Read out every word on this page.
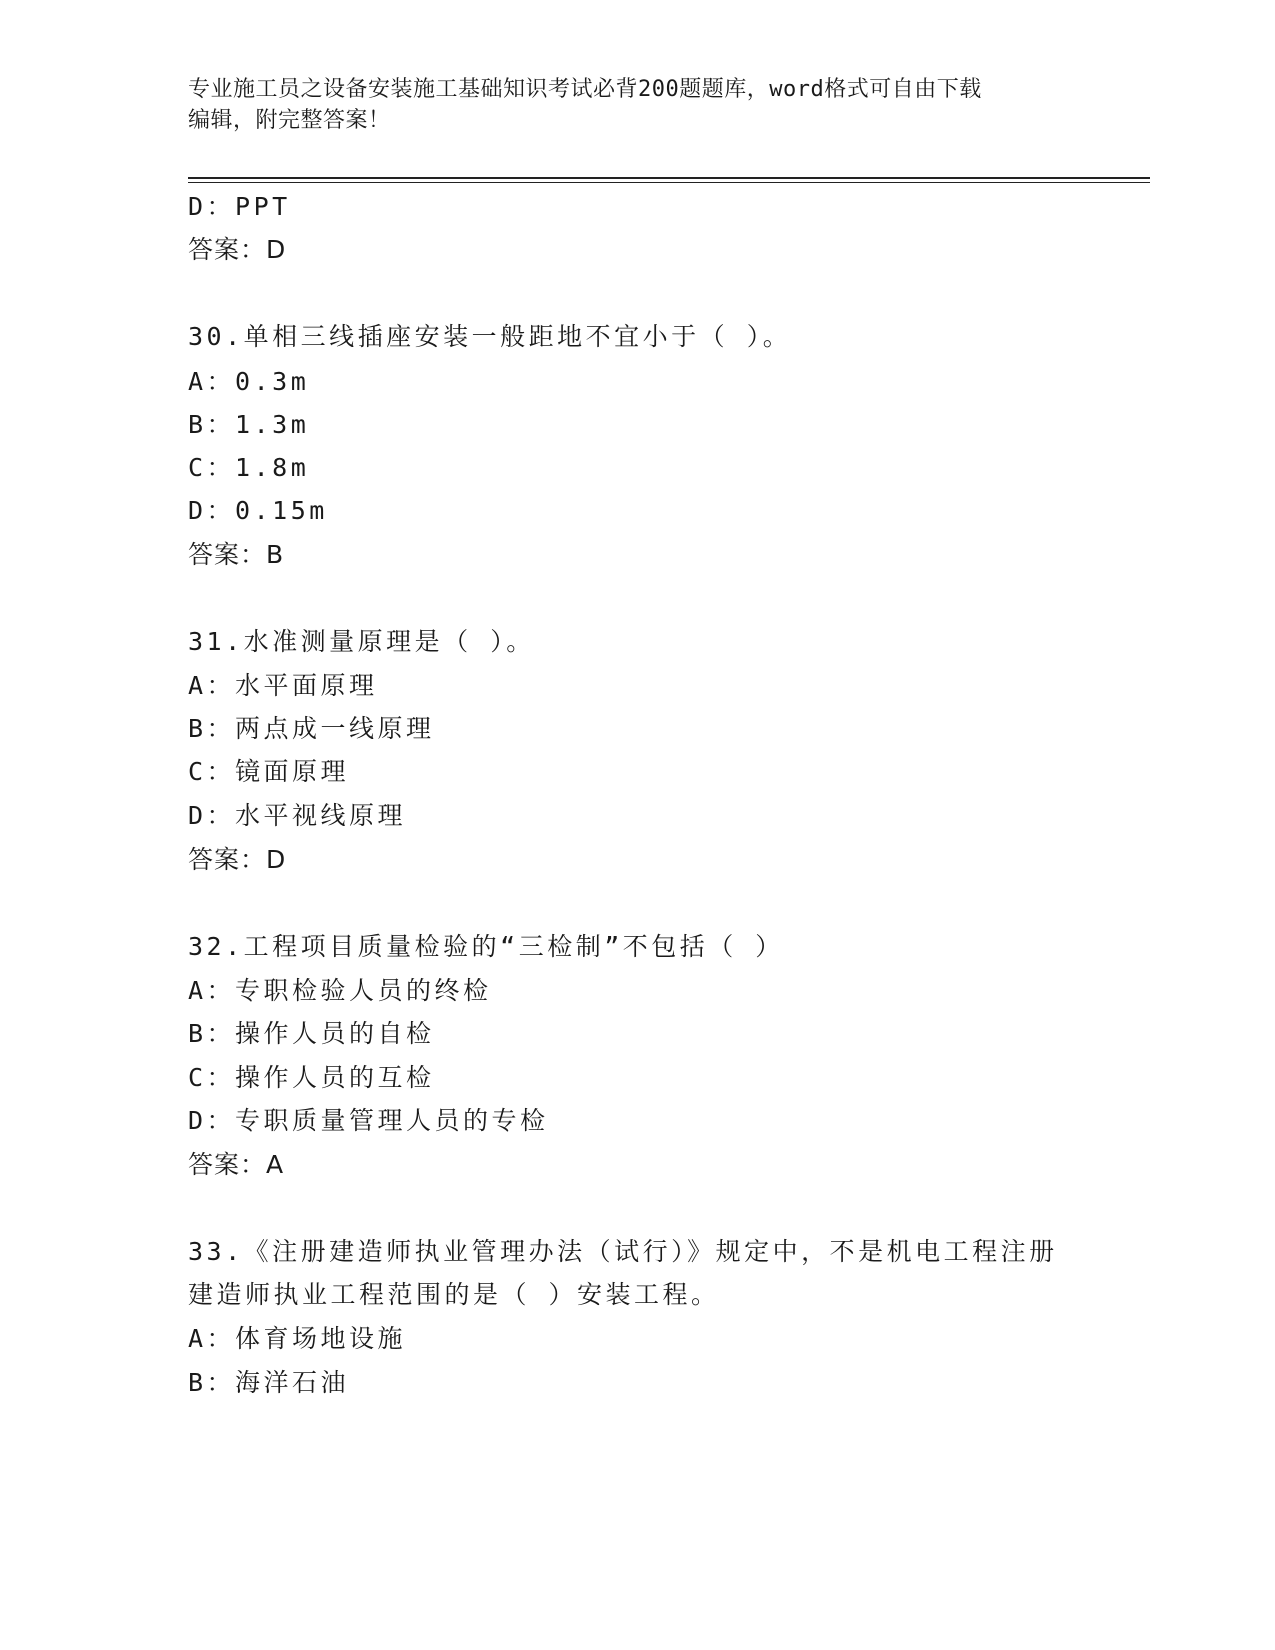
专业施工员之设备安装施工基础知识考试必背200题题库，word格式可自由下载
编辑，附完整答案！
D：PPT
答案：D
30.单相三线插座安装一般距地不宜小于（ ）。
A：0.3m
B：1.3m
C：1.8m
D：0.15m
答案：B
31.水准测量原理是（ ）。
A：水平面原理
B：两点成一线原理
C：镜面原理
D：水平视线原理
答案：D
32.工程项目质量检验的“三检制”不包括（ ）
A：专职检验人员的终检
B：操作人员的自检
C：操作人员的互检
D：专职质量管理人员的专检
答案：A
33.《注册建造师执业管理办法（试行）》规定中，不是机电工程注册
建造师执业工程范围的是（ ）安装工程。
A：体育场地设施
B：海洋石油
